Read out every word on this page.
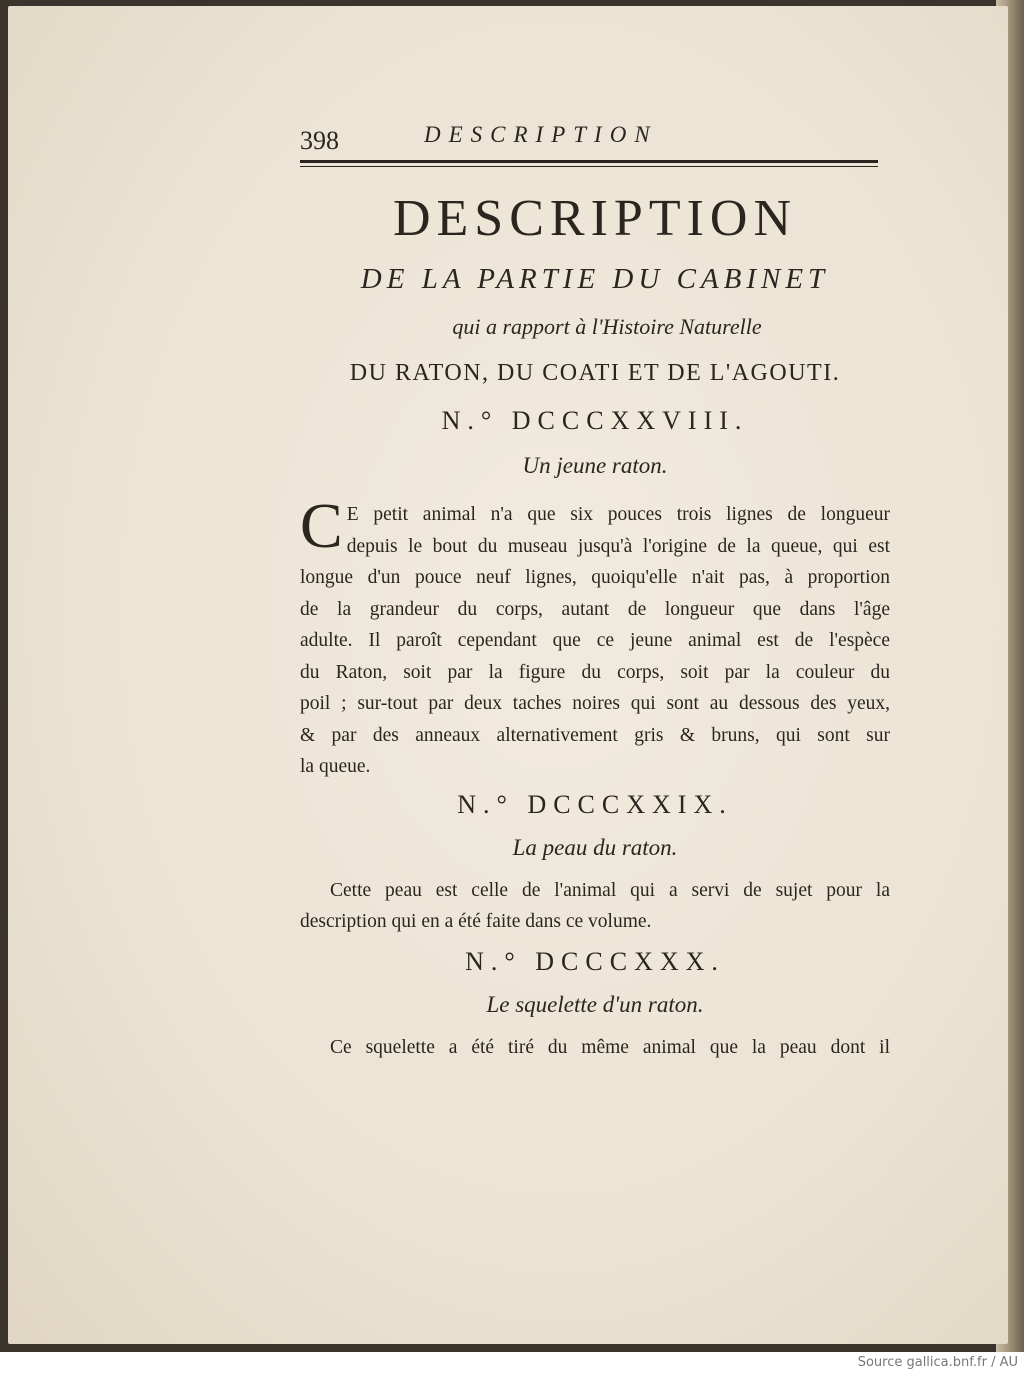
398	DESCRIPTION
DESCRIPTION
DE LA PARTIE DU CABINET
qui a rapport à l'Histoire Naturelle
DU RATON, DU COATI ET DE L'AGOUTI.
N.° DCCCXXVIII.
Un jeune raton.
C E petit animal n'a que six pouces trois lignes de longueur
depuis le bout du museau jusqu'à l'origine de la queue, qui est
longue d'un pouce neuf lignes, quoiqu'elle n'ait pas, à proportion
de la grandeur du corps, autant de longueur que dans l'âge
adulte. Il paroît cependant que ce jeune animal est de l'espèce
du Raton, soit par la figure du corps, soit par la couleur du
poil ; sur-tout par deux taches noires qui sont au dessous des yeux,
& par des anneaux alternativement gris & bruns, qui sont sur
la queue.
N.° DCCCXXIX.
La peau du raton.
Cette peau est celle de l'animal qui a servi de sujet pour la
description qui en a été faite dans ce volume.
N.° DCCCXXX.
Le squelette d'un raton.
Ce squelette a été tiré du même animal que la peau dont il
Source gallica.bnf.fr / AU
